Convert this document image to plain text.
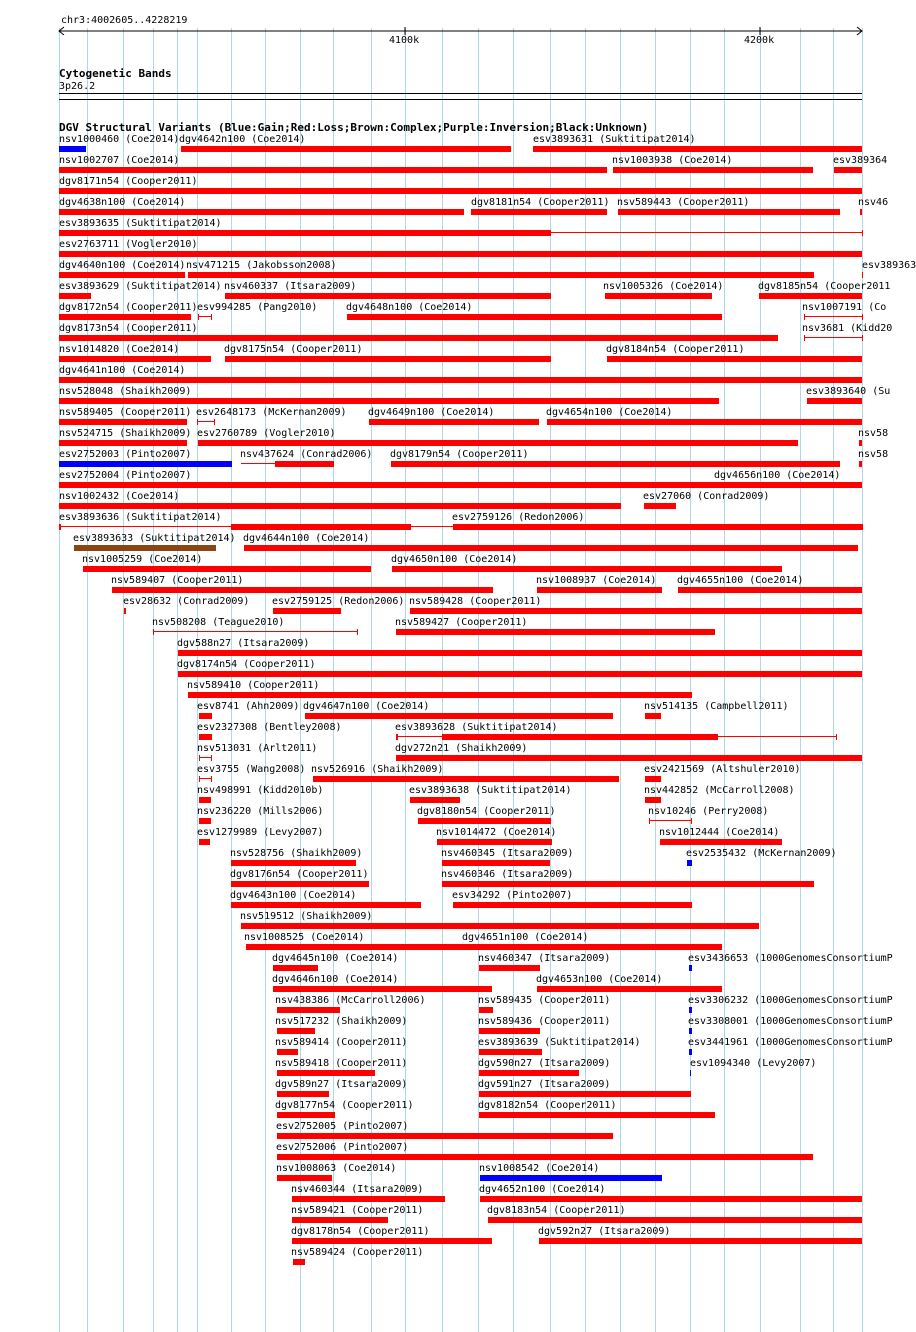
chr3:4002605..4228219
4100k	4200k
Cytogenetic Bands
3p26.2
DGV Structural Variants (Blue:Gain;Red:Loss;Brown:Complex;Purple:Inversion;Black:Unknown)
nsv1000460 (Coe2014) dgv4642n100 (Coe2014)	esv3893631 (Suktitipat2014)
nsv1002707 (Coe2014)	nsv1003938 (Coe2014)	esv389364
dgv8171n54 (Cooper2011)
dgv4638n100 (Coe2014)	dgv8181n54 (Cooper2011) nsv589443 (Cooper2011)	nsv46
esv3893635 (Suktitipat2014)
esv2763711 (Vogler2010)
dgv4640n100 (Coe2014) nsv471215 (Jakobsson2008)	esv389363
esv3893629 (Suktitipat2014) nsv460337 (Itsara2009)	nsv1005326 (Coe2014)	dgv8185n54 (Cooper2011
dgv8172n54 (Cooper2011) esv994285 (Pang2010)	dgv4648n100 (Coe2014)	nsv1007191 (Co
dgv8173n54 (Cooper2011)	nsv3681 (Kidd20
nsv1014820 (Coe2014)	dgv8175n54 (Cooper2011)	dgv8184n54 (Cooper2011)
dgv4641n100 (Coe2014)
nsv528048 (Shaikh2009)	esv3893640 (Su
nsv589405 (Cooper2011) esv2648173 (McKernan2009) dgv4649n100 (Coe2014)	dgv4654n100 (Coe2014)
nsv524715 (Shaikh2009) esv2760789 (Vogler2010)	nsv58
esv2752003 (Pinto2007)	nsv437624 (Conrad2006) dgv8179n54 (Cooper2011)	nsv58
esv2752004 (Pinto2007)	dgv4656n100 (Coe2014)
nsv1002432 (Coe2014)	esv27060 (Conrad2009)
esv3893636 (Suktitipat2014)	esv2759126 (Redon2006)
esv3893633 (Suktitipat2014) dgv4644n100 (Coe2014)
nsv1005259 (Coe2014)	dgv4650n100 (Coe2014)
nsv589407 (Cooper2011)	nsv1008937 (Coe2014) dgv4655n100 (Coe2014)
esv28632 (Conrad2009) esv2759125 (Redon2006) nsv589428 (Cooper2011)
nsv508208 (Teague2010)	nsv589427 (Cooper2011)
dgv588n27 (Itsara2009)
dgv8174n54 (Cooper2011)
nsv589410 (Cooper2011)
esv8741 (Ahn2009) dgv4647n100 (Coe2014)	nsv514135 (Campbell2011)
esv2327308 (Bentley2008)	esv3893628 (Suktitipat2014)
nsv513031 (Arlt2011)	dgv272n21 (Shaikh2009)
esv3755 (Wang2008) nsv526916 (Shaikh2009)	esv2421569 (Altshuler2010)
nsv498991 (Kidd2010b)	esv3893638 (Suktitipat2014)	nsv442852 (McCarroll2008)
nsv236220 (Mills2006)	dgv8180n54 (Cooper2011)	nsv10246 (Perry2008)
esv1279989 (Levy2007)	nsv1014472 (Coe2014)	nsv1012444 (Coe2014)
nsv528756 (Shaikh2009)	nsv460345 (Itsara2009)	esv2535432 (McKernan2009)
dgv8176n54 (Cooper2011)	nsv460346 (Itsara2009)
dgv4643n100 (Coe2014)	esv34292 (Pinto2007)
nsv519512 (Shaikh2009)
nsv1008525 (Coe2014)	dgv4651n100 (Coe2014)
dgv4645n100 (Coe2014)	nsv460347 (Itsara2009)	esv3436653 (1000GenomesConsortiumP
dgv4646n100 (Coe2014)	dgv4653n100 (Coe2014)
nsv438386 (McCarroll2006)	nsv589435 (Cooper2011)	esv3306232 (1000GenomesConsortiumP
nsv517232 (Shaikh2009)	nsv589436 (Cooper2011)	esv3308001 (1000GenomesConsortiumP
nsv589414 (Cooper2011)	esv3893639 (Suktitipat2014)	esv3441961 (1000GenomesConsortiumP
nsv589418 (Cooper2011)	dgv590n27 (Itsara2009)	esv1094340 (Levy2007)
dgv589n27 (Itsara2009)	dgv591n27 (Itsara2009)
dgv8177n54 (Cooper2011)	dgv8182n54 (Cooper2011)
esv2752005 (Pinto2007)
esv2752006 (Pinto2007)
nsv1008063 (Coe2014)	nsv1008542 (Coe2014)
nsv460344 (Itsara2009)	dgv4652n100 (Coe2014)
nsv589421 (Cooper2011)	dgv8183n54 (Cooper2011)
dgv8178n54 (Cooper2011)	dgv592n27 (Itsara2009)
nsv589424 (Cooper2011)
